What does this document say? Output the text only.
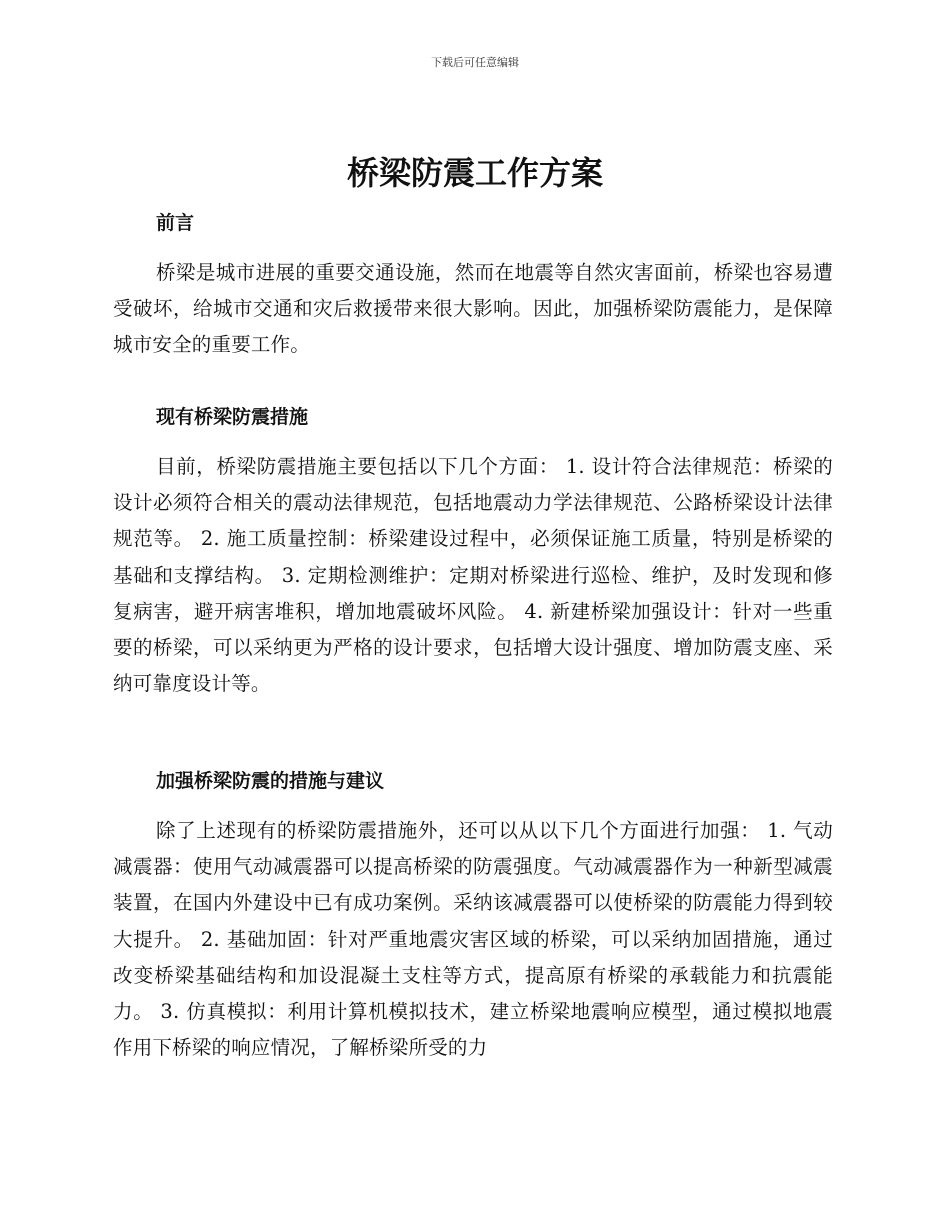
下载后可任意编辑
桥梁防震工作方案
前言
桥梁是城市进展的重要交通设施，然而在地震等自然灾害面前，桥梁也容易遭受破坏，给城市交通和灾后救援带来很大影响。因此，加强桥梁防震能力，是保障城市安全的重要工作。
现有桥梁防震措施
目前，桥梁防震措施主要包括以下几个方面： 1. 设计符合法律规范：桥梁的设计必须符合相关的震动法律规范，包括地震动力学法律规范、公路桥梁设计法律规范等。 2. 施工质量控制：桥梁建设过程中，必须保证施工质量，特别是桥梁的基础和支撑结构。 3. 定期检测维护：定期对桥梁进行巡检、维护，及时发现和修复病害，避开病害堆积，增加地震破坏风险。 4. 新建桥梁加强设计：针对一些重要的桥梁，可以采纳更为严格的设计要求，包括增大设计强度、增加防震支座、采纳可靠度设计等。
加强桥梁防震的措施与建议
除了上述现有的桥梁防震措施外，还可以从以下几个方面进行加强： 1. 气动减震器：使用气动减震器可以提高桥梁的防震强度。气动减震器作为一种新型减震装置，在国内外建设中已有成功案例。采纳该减震器可以使桥梁的防震能力得到较大提升。 2. 基础加固：针对严重地震灾害区域的桥梁，可以采纳加固措施，通过改变桥梁基础结构和加设混凝土支柱等方式，提高原有桥梁的承载能力和抗震能力。 3. 仿真模拟：利用计算机模拟技术，建立桥梁地震响应模型，通过模拟地震作用下桥梁的响应情况，了解桥梁所受的力
